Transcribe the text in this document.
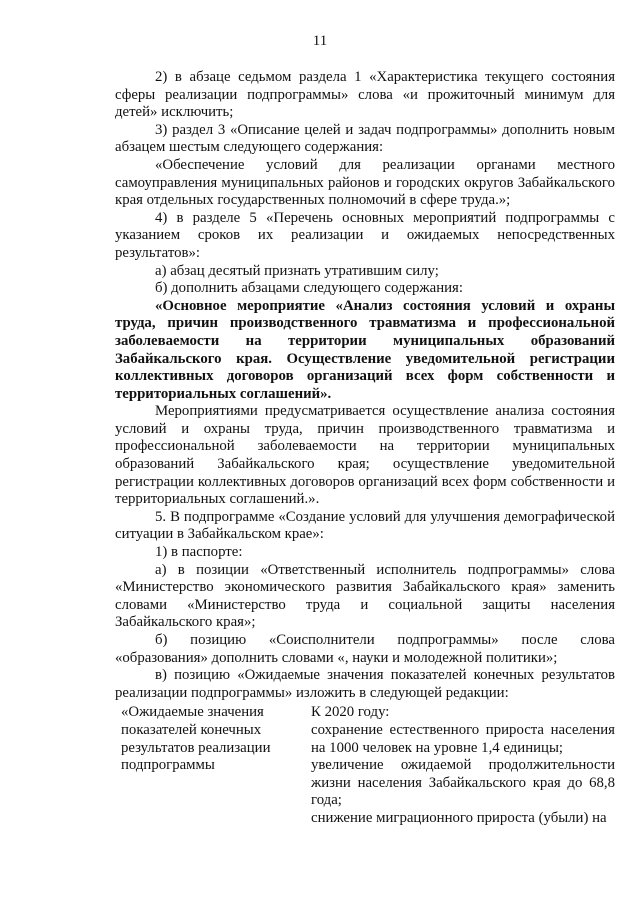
11

2) в абзаце седьмом раздела 1 «Характеристика текущего состояния сферы реализации подпрограммы» слова «и прожиточный минимум для детей» исключить;

3) раздел 3 «Описание целей и задач подпрограммы» дополнить новым абзацем шестым следующего содержания:

«Обеспечение условий для реализации органами местного самоуправления муниципальных районов и городских округов Забайкальского края отдельных государственных полномочий в сфере труда.»;

4) в разделе 5 «Перечень основных мероприятий подпрограммы с указанием сроков их реализации и ожидаемых непосредственных результатов»:

а) абзац десятый признать утратившим силу;

б) дополнить абзацами следующего содержания:

«Основное мероприятие «Анализ состояния условий и охраны труда, причин производственного травматизма и профессиональной заболеваемости на территории муниципальных образований Забайкальского края. Осуществление уведомительной регистрации коллективных договоров организаций всех форм собственности и территориальных соглашений».

Мероприятиями предусматривается осуществление анализа состояния условий и охраны труда, причин производственного травматизма и профессиональной заболеваемости на территории муниципальных образований Забайкальского края; осуществление уведомительной регистрации коллективных договоров организаций всех форм собственности и территориальных соглашений.».

5. В подпрограмме «Создание условий для улучшения демографической ситуации в Забайкальском крае»:

1) в паспорте:

а) в позиции «Ответственный исполнитель подпрограммы» слова «Министерство экономического развития Забайкальского края» заменить словами «Министерство труда и социальной защиты населения Забайкальского края»;

б) позицию «Соисполнители подпрограммы» после слова «образования» дополнить словами «, науки и молодежной политики»;

в) позицию «Ожидаемые значения показателей конечных результатов реализации подпрограммы» изложить в следующей редакции:

«Ожидаемые значения показателей конечных результатов реализации подпрограммы

К 2020 году:

сохранение естественного прироста населения на 1000 человек на уровне 1,4 единицы;

увеличение ожидаемой продолжительности жизни населения Забайкальского края до 68,8 года;

снижение миграционного прироста (убыли) на
